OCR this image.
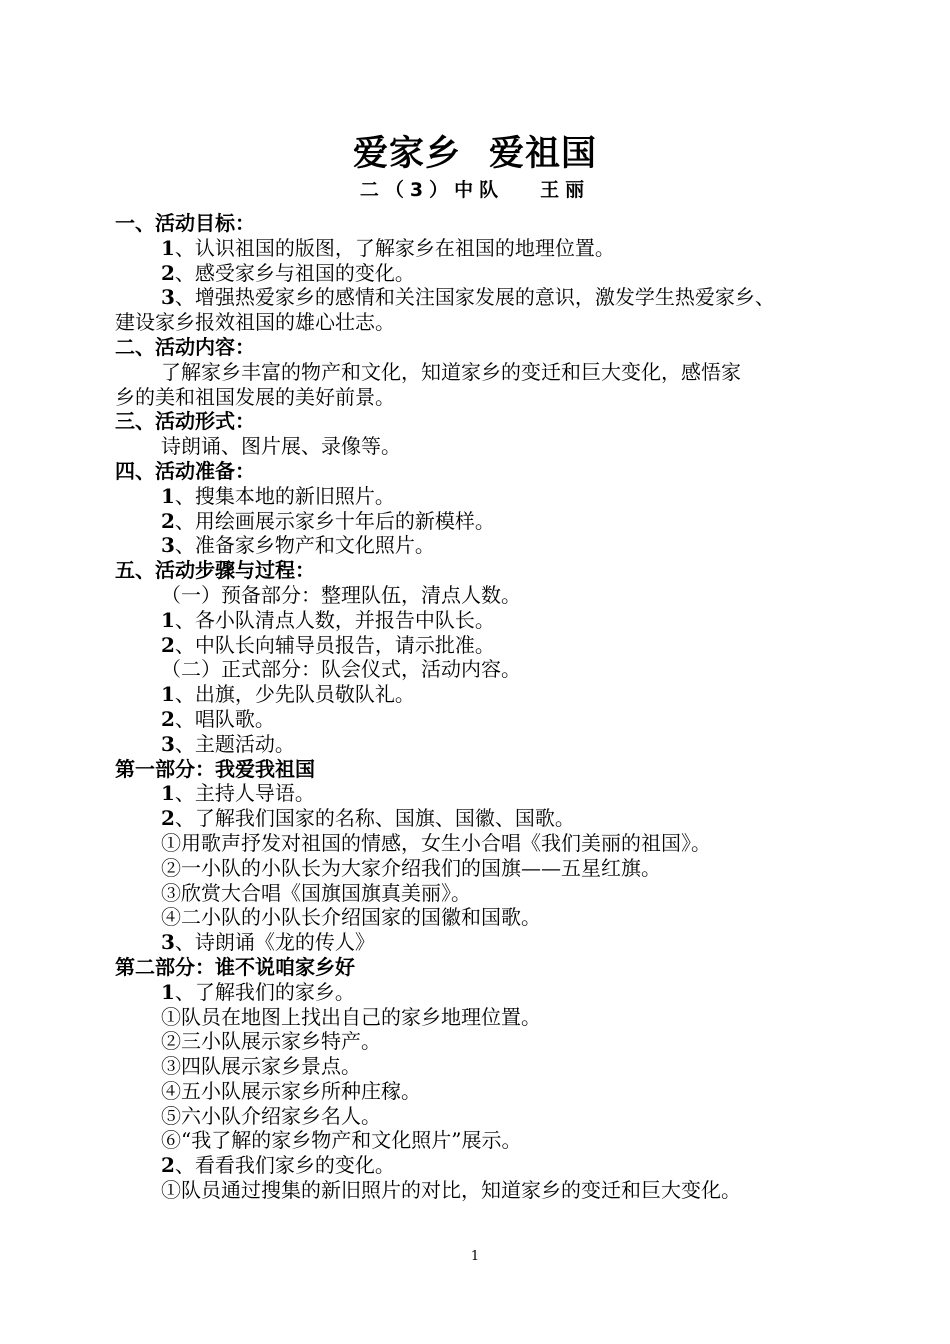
爱家乡 爱祖国
二（3）中队 王丽
一、活动目标：
1、认识祖国的版图，了解家乡在祖国的地理位置。
2、感受家乡与祖国的变化。
3、增强热爱家乡的感情和关注国家发展的意识，激发学生热爱家乡、
建设家乡报效祖国的雄心壮志。
二、活动内容：
了解家乡丰富的物产和文化，知道家乡的变迁和巨大变化，感悟家
乡的美和祖国发展的美好前景。
三、活动形式：
诗朗诵、图片展、录像等。
四、活动准备：
1、搜集本地的新旧照片。
2、用绘画展示家乡十年后的新模样。
3、准备家乡物产和文化照片。
五、活动步骤与过程：
（一）预备部分：整理队伍，清点人数。
1、各小队清点人数，并报告中队长。
2、中队长向辅导员报告，请示批准。
（二）正式部分：队会仪式，活动内容。
1、出旗，少先队员敬队礼。
2、唱队歌。
3、主题活动。
第一部分：我爱我祖国
1、主持人导语。
2、了解我们国家的名称、国旗、国徽、国歌。
①用歌声抒发对祖国的情感，女生小合唱《我们美丽的祖国》。
②一小队的小队长为大家介绍我们的国旗——五星红旗。
③欣赏大合唱《国旗国旗真美丽》。
④二小队的小队长介绍国家的国徽和国歌。
3、诗朗诵《龙的传人》
第二部分：谁不说咱家乡好
1、了解我们的家乡。
①队员在地图上找出自己的家乡地理位置。
②三小队展示家乡特产。
③四队展示家乡景点。
④五小队展示家乡所种庄稼。
⑤六小队介绍家乡名人。
⑥“我了解的家乡物产和文化照片”展示。
2、看看我们家乡的变化。
①队员通过搜集的新旧照片的对比，知道家乡的变迁和巨大变化。
1
